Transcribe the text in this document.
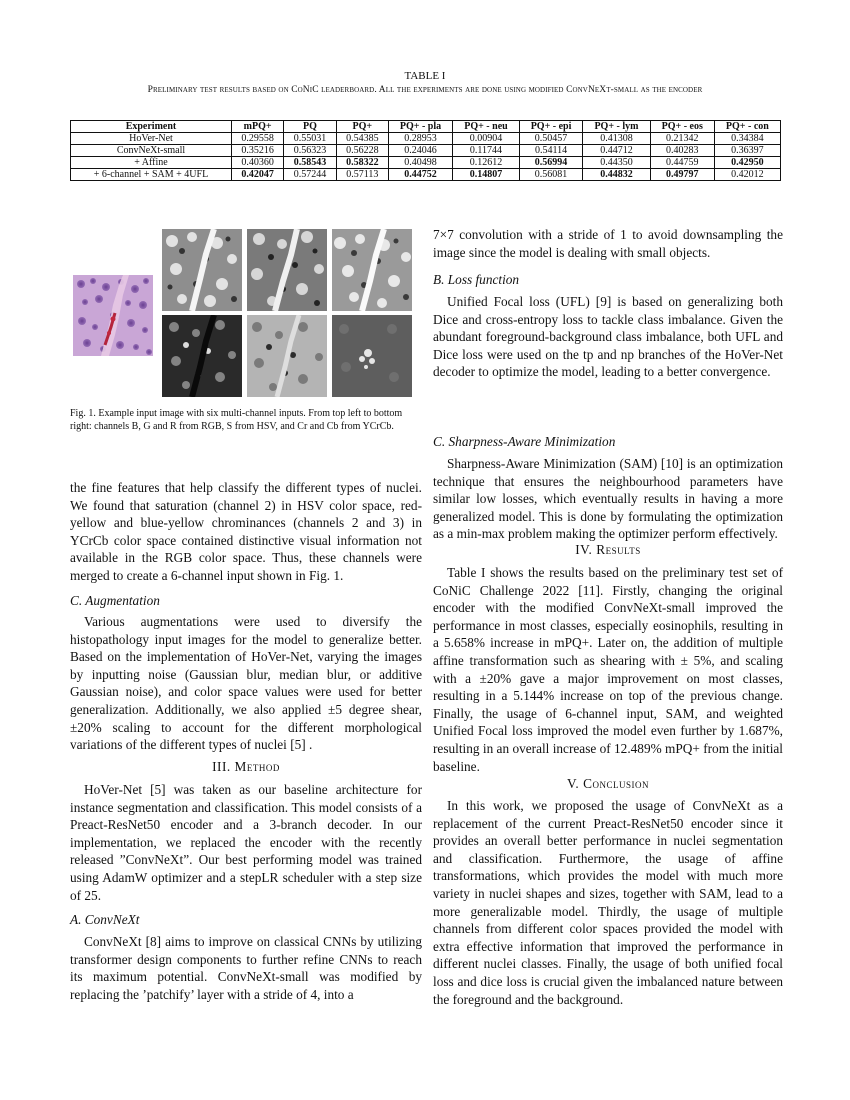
TABLE I
Preliminary test results based on CoNiC leaderboard. All the experiments are done using modified ConvNeXt-small as the encoder
Experiment	mPQ+	PQ	PQ+	PQ+ - pla	PQ+ - neu	PQ+ - epi	PQ+ - lym	PQ+ - eos	PQ+ - con
HoVer-Net	0.29558	0.55031	0.54385	0.28953	0.00904	0.50457	0.41308	0.21342	0.34384
ConvNeXt-small	0.35216	0.56323	0.56228	0.24046	0.11744	0.54114	0.44712	0.40283	0.36397
+ Affine	0.40360	0.58543	0.58322	0.40498	0.12612	0.56994	0.44350	0.44759	0.42950
+ 6-channel + SAM + 4UFL	0.42047	0.57244	0.57113	0.44752	0.14807	0.56081	0.44832	0.49797	0.42012
Fig. 1. Example input image with six multi-channel inputs. From top left to bottom right: channels B, G and R from RGB, S from HSV, and Cr and Cb from YCrCb.

the fine features that help classify the different types of nuclei. We found that saturation (channel 2) in HSV color space, red-yellow and blue-yellow chrominances (channels 2 and 3) in YCrCb color space contained distinctive visual information not available in the RGB color space. Thus, these channels were merged to create a 6-channel input shown in Fig. 1.

C. Augmentation

Various augmentations were used to diversify the histopathology input images for the model to generalize better. Based on the implementation of HoVer-Net, varying the images by inputting noise (Gaussian blur, median blur, or additive Gaussian noise), and color space values were used for better generalization. Additionally, we also applied ±5 degree shear, ±20% scaling to account for the different morphological variations of the different types of nuclei [5] .

III. Method

HoVer-Net [5] was taken as our baseline architecture for instance segmentation and classification. This model consists of a Preact-ResNet50 encoder and a 3-branch decoder. In our implementation, we replaced the encoder with the recently released ”ConvNeXt”. Our best performing model was trained using AdamW optimizer and a stepLR scheduler with a step size of 25.

A. ConvNeXt

ConvNeXt [8] aims to improve on classical CNNs by utilizing transformer design components to further refine CNNs to reach its maximum potential. ConvNeXt-small was modified by replacing the ’patchify’ layer with a stride of 4, into a

7×7 convolution with a stride of 1 to avoid downsampling the image since the model is dealing with small objects.

B. Loss function

Unified Focal loss (UFL) [9] is based on generalizing both Dice and cross-entropy loss to tackle class imbalance. Given the abundant foreground-background class imbalance, both UFL and Dice loss were used on the tp and np branches of the HoVer-Net decoder to optimize the model, leading to a better convergence.

C. Sharpness-Aware Minimization

Sharpness-Aware Minimization (SAM) [10] is an optimization technique that ensures the neighbourhood parameters have similar low losses, which eventually results in having a more generalized model. This is done by formulating the optimization as a min-max problem making the optimizer perform effectively.

IV. Results

Table I shows the results based on the preliminary test set of CoNiC Challenge 2022 [11]. Firstly, changing the original encoder with the modified ConvNeXt-small improved the performance in most classes, especially eosinophils, resulting in a 5.658% increase in mPQ+. Later on, the addition of multiple affine transformation such as shearing with ± 5%, and scaling with a ±20% gave a major improvement on most classes, resulting in a 5.144% increase on top of the previous change. Finally, the usage of 6-channel input, SAM, and weighted Unified Focal loss improved the model even further by 1.687%, resulting in an overall increase of 12.489% mPQ+ from the initial baseline.

V. Conclusion

In this work, we proposed the usage of ConvNeXt as a replacement of the current Preact-ResNet50 encoder since it provides an overall better performance in nuclei segmentation and classification. Furthermore, the usage of affine transformations, which provides the model with much more variety in nuclei shapes and sizes, together with SAM, lead to a more generalizable model. Thirdly, the usage of multiple channels from different color spaces provided the model with extra effective information that improved the performance in different nuclei classes. Finally, the usage of both unified focal loss and dice loss is crucial given the imbalanced nature between the foreground and the background.
